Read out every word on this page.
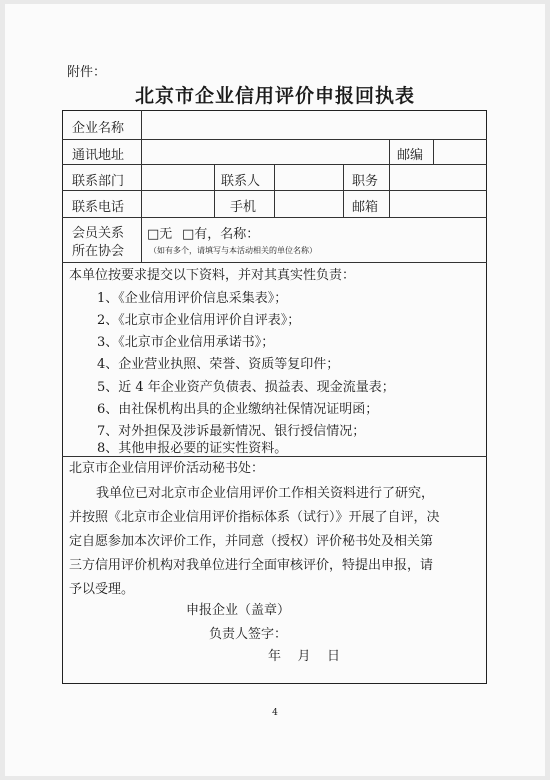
附件：
北京市企业信用评价申报回执表
企业名称
通讯地址	邮编
联系部门	联系人	职务
联系电话	手机	邮箱
会员关系
所在协会
□无 □有，名称：
（如有多个，请填写与本活动相关的单位名称）
本单位按要求提交以下资料，并对其真实性负责：
1、《企业信用评价信息采集表》；
2、《北京市企业信用评价自评表》；
3、《北京市企业信用承诺书》；
4、企业营业执照、荣誉、资质等复印件；
5、近 4 年企业资产负债表、损益表、现金流量表；
6、由社保机构出具的企业缴纳社保情况证明函；
7、对外担保及涉诉最新情况、银行授信情况；
8、其他申报必要的证实性资料。
北京市企业信用评价活动秘书处：
我单位已对北京市企业信用评价工作相关资料进行了研究，
并按照《北京市企业信用评价指标体系（试行）》开展了自评，决
定自愿参加本次评价工作，并同意（授权）评价秘书处及相关第
三方信用评价机构对我单位进行全面审核评价，特提出申报，请
予以受理。
申报企业（盖章）
负责人签字：
年    月    日
4
